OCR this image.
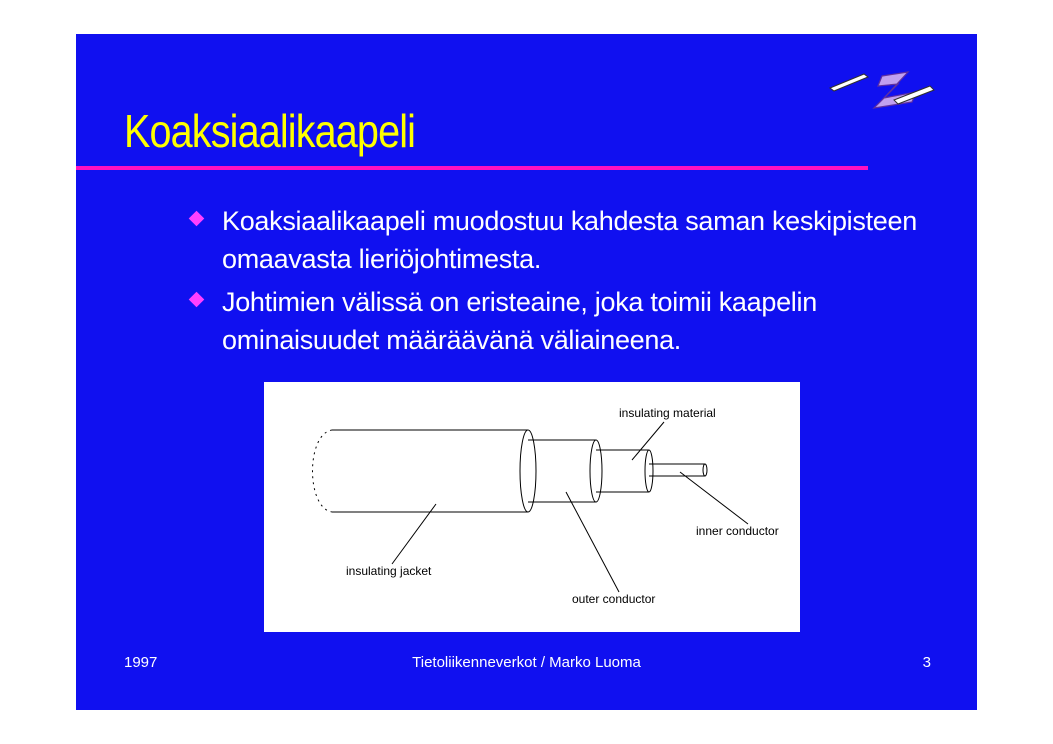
Koaksiaalikaapeli
Koaksiaalikaapeli muodostuu kahdesta saman keskipisteen omaavasta lieriöjohtimesta.
Johtimien välissä on eristeaine, joka toimii kaapelin ominaisuudet määräävänä väliaineena.
insulating material
inner conductor
insulating jacket
outer conductor
1997	Tietoliikenneverkot / Marko Luoma	3
